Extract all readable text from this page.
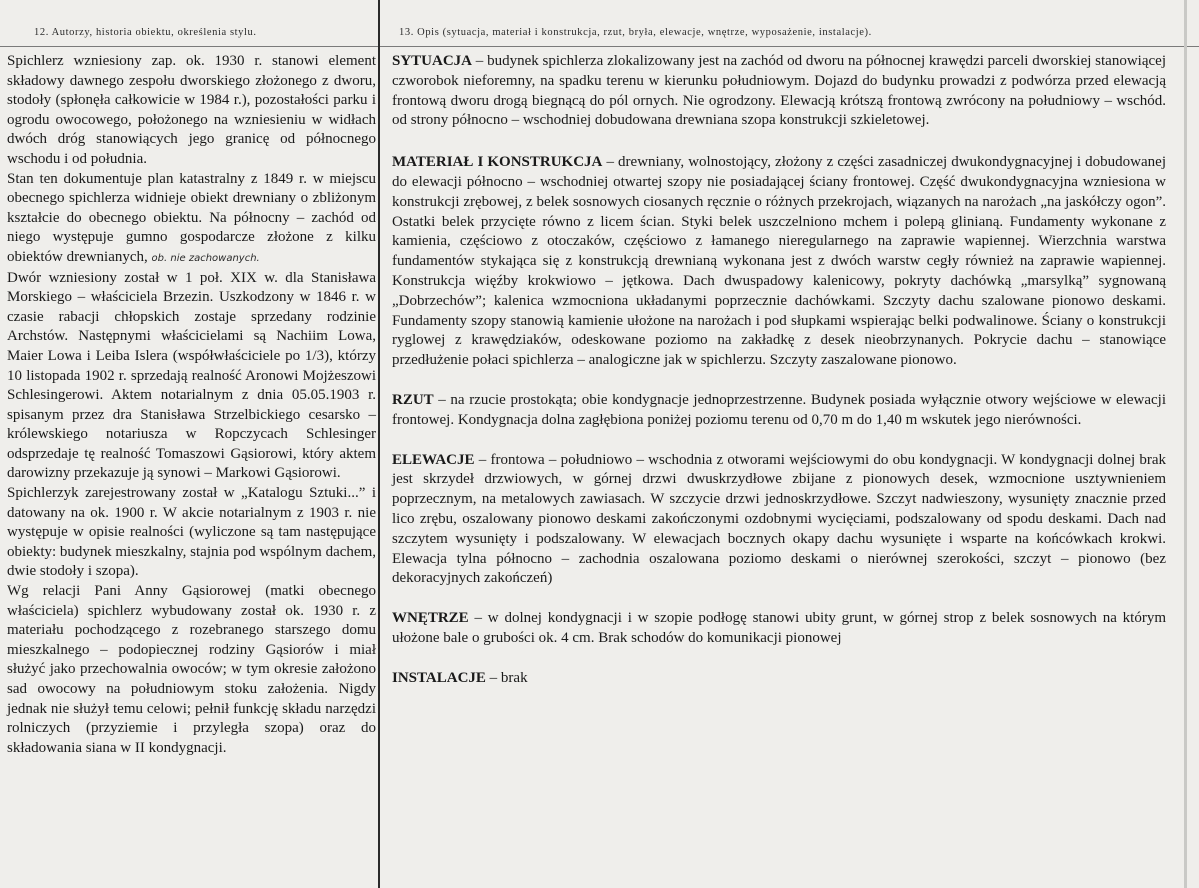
12. Autorzy, historia obiektu, określenia stylu.	13. Opis (sytuacja, materiał i konstrukcja, rzut, bryła, elewacje, wnętrze, wyposażenie, instalacje).

Spichlerz wzniesiony zap. ok. 1930 r. stanowi element składowy dawnego zespołu dworskiego złożonego z dworu, stodoły (spłonęła całkowicie w 1984 r.), pozostałości parku i ogrodu owocowego, położonego na wzniesieniu w widłach dwóch dróg stanowiących jego granicę od północnego wschodu i od południa.

Stan ten dokumentuje plan katastralny z 1849 r. w miejscu obecnego spichlerza widnieje obiekt drewniany o zbliżonym kształcie do obecnego obiektu. Na północny – zachód od niego występuje gumno gospodarcze złożone z kilku obiektów drewnianych, ob. nie zachowanych.

Dwór wzniesiony został w 1 poł. XIX w. dla Stanisława Morskiego – właściciela Brzezin. Uszkodzony w 1846 r. w czasie rabacji chłopskich zostaje sprzedany rodzinie Archstów. Następnymi właścicielami są Nachiim Lowa, Maier Lowa i Leiba Islera (współwłaściciele po 1/3), którzy 10 listopada 1902 r. sprzedają realność Aronowi Mojżeszowi Schlesingerowi. Aktem notarialnym z dnia 05.05.1903 r. spisanym przez dra Stanisława Strzelbickiego cesarsko – królewskiego notariusza w Ropczycach Schlesinger odsprzedaje tę realność Tomaszowi Gąsiorowi, który aktem darowizny przekazuje ją synowi – Markowi Gąsiorowi.

Spichlerzyk zarejestrowany został w „Katalogu Sztuki...” i datowany na ok. 1900 r. W akcie notarialnym z 1903 r. nie występuje w opisie realności (wyliczone są tam następujące obiekty: budynek mieszkalny, stajnia pod wspólnym dachem, dwie stodoły i szopa).

Wg relacji Pani Anny Gąsiorowej (matki obecnego właściciela) spichlerz wybudowany został ok. 1930 r. z materiału pochodzącego z rozebranego starszego domu mieszkalnego – podopiecznej rodziny Gąsiorów i miał służyć jako przechowalnia owoców; w tym okresie założono sad owocowy na południowym stoku założenia. Nigdy jednak nie służył temu celowi; pełnił funkcję składu narzędzi rolniczych (przyziemie i przyległa szopa) oraz do składowania siana w II kondygnacji.

SYTUACJA – budynek spichlerza zlokalizowany jest na zachód od dworu na północnej krawędzi parceli dworskiej stanowiącej czworobok nieforemny, na spadku terenu w kierunku południowym. Dojazd do budynku prowadzi z podwórza przed elewacją frontową dworu drogą biegnącą do pól ornych. Nie ogrodzony. Elewacją krótszą frontową zwrócony na południowy – wschód. od strony północno – wschodniej dobudowana drewniana szopa konstrukcji szkieletowej.

MATERIAŁ I KONSTRUKCJA – drewniany, wolnostojący, złożony z części zasadniczej dwukondygnacyjnej i dobudowanej do elewacji północno – wschodniej otwartej szopy nie posiadającej ściany frontowej. Część dwukondygnacyjna wzniesiona w konstrukcji zrębowej, z belek sosnowych ciosanych ręcznie o różnych przekrojach, wiązanych na narożach „na jaskółczy ogon”. Ostatki belek przycięte równo z licem ścian. Styki belek uszczelniono mchem i polepą glinianą. Fundamenty wykonane z kamienia, częściowo z otoczaków, częściowo z łamanego nieregularnego na zaprawie wapiennej. Wierzchnia warstwa fundamentów stykająca się z konstrukcją drewnianą wykonana jest z dwóch warstw cegły również na zaprawie wapiennej. Konstrukcja więźby krokwiowo – jętkowa. Dach dwuspadowy kalenicowy, pokryty dachówką „marsylką” sygnowaną „Dobrzechów”; kalenica wzmocniona układanymi poprzecznie dachówkami. Szczyty dachu szalowane pionowo deskami. Fundamenty szopy stanowią kamienie ułożone na narożach i pod słupkami wspierając belki podwalinowe. Ściany o konstrukcji ryglowej z krawędziaków, odeskowane poziomo na zakładkę z desek nieobrzynanych. Pokrycie dachu – stanowiące przedłużenie połaci spichlerza – analogiczne jak w spichlerzu. Szczyty zaszalowane pionowo.

RZUT – na rzucie prostokąta; obie kondygnacje jednoprzestrzenne. Budynek posiada wyłącznie otwory wejściowe w elewacji frontowej. Kondygnacja dolna zagłębiona poniżej poziomu terenu od 0,70 m do 1,40 m wskutek jego nierówności.

ELEWACJE – frontowa – południowo – wschodnia z otworami wejściowymi do obu kondygnacji. W kondygnacji dolnej brak jest skrzydeł drzwiowych, w górnej drzwi dwuskrzydłowe zbijane z pionowych desek, wzmocnione usztywnieniem poprzecznym, na metalowych zawiasach. W szczycie drzwi jednoskrzydłowe. Szczyt nadwieszony, wysunięty znacznie przed lico zrębu, oszalowany pionowo deskami zakończonymi ozdobnymi wycięciami, podszalowany od spodu deskami. Dach nad szczytem wysunięty i podszalowany. W elewacjach bocznych okapy dachu wysunięte i wsparte na końcówkach krokwi. Elewacja tylna północno – zachodnia oszalowana poziomo deskami o nierównej szerokości, szczyt – pionowo (bez dekoracyjnych zakończeń)

WNĘTRZE – w dolnej kondygnacji i w szopie podłogę stanowi ubity grunt, w górnej strop z belek sosnowych na którym ułożone bale o grubości ok. 4 cm. Brak schodów do komunikacji pionowej

INSTALACJE – brak
